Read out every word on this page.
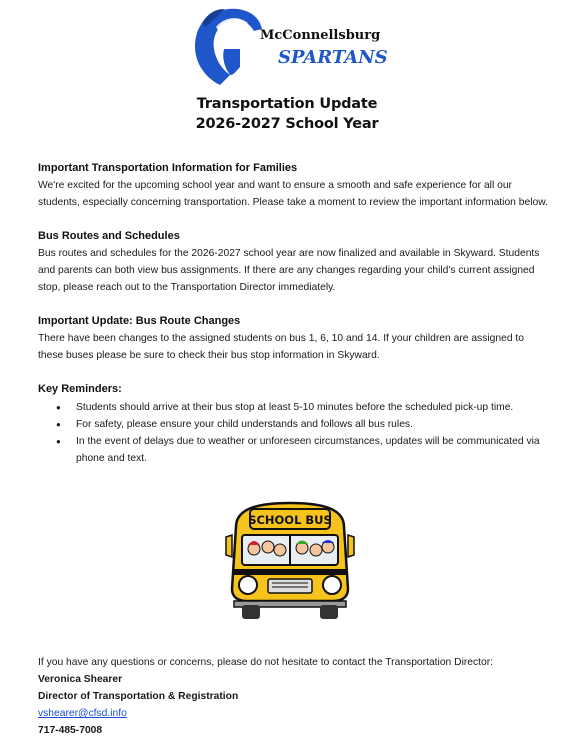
McConnellsburg
SPARTANS
Transportation Update
2026-2027 School Year
Important Transportation Information for Families

We're excited for the upcoming school year and want to ensure a smooth and safe experience for all our students, especially concerning transportation. Please take a moment to review the important information below.

Bus Routes and Schedules

Bus routes and schedules for the 2026-2027 school year are now finalized and available in Skyward. Students and parents can both view bus assignments. If there are any changes regarding your child's current assigned stop, please reach out to the Transportation Director immediately.

Important Update: Bus Route Changes

There have been changes to the assigned students on bus 1, 6, 10 and 14. If your children are assigned to these buses please be sure to check their bus stop information in Skyward.

Key Reminders:
● Students should arrive at their bus stop at least 5-10 minutes before the scheduled pick-up time.
● For safety, please ensure your child understands and follows all bus rules.
● In the event of delays due to weather or unforeseen circumstances, updates will be communicated via phone and text.
SCHOOL BUS
If you have any questions or concerns, please do not hesitate to contact the Transportation Director:
Veronica Shearer
Director of Transportation & Registration
vshearer@cfsd.info
717-485-7008
